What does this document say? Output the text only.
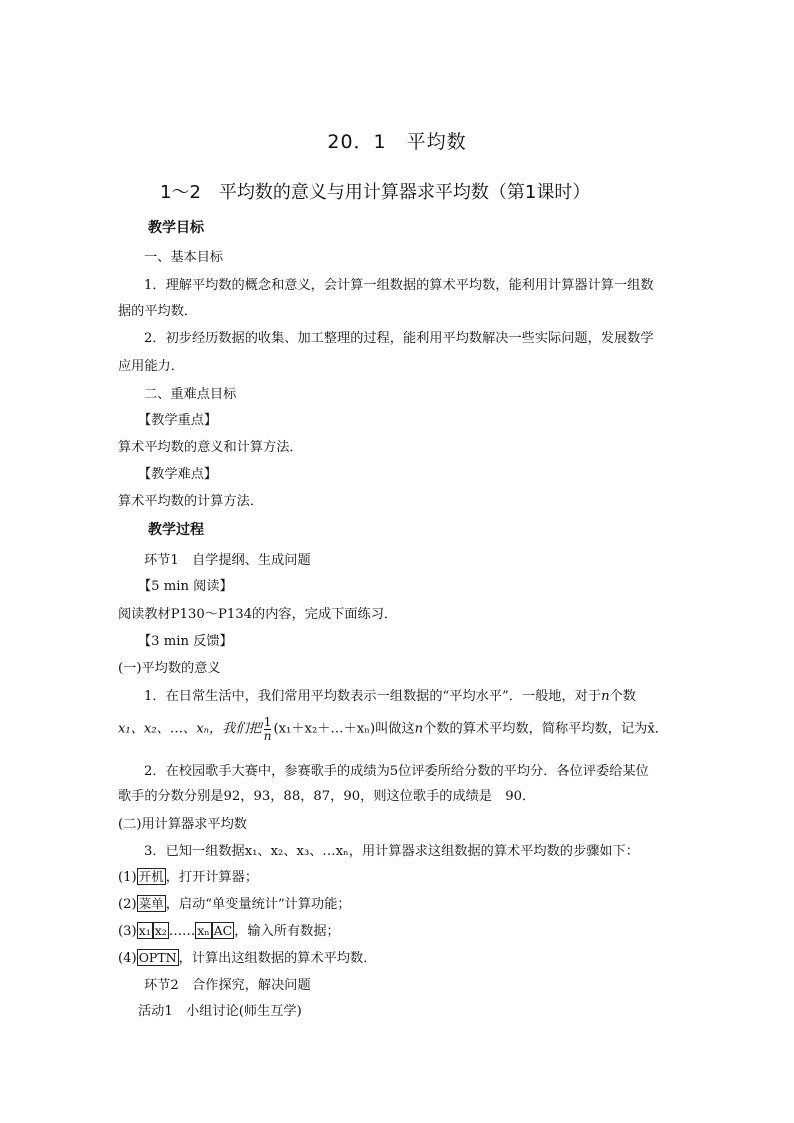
20．1　平均数
1～2　平均数的意义与用计算器求平均数（第1课时）
教学目标
一、基本目标
1．理解平均数的概念和意义，会计算一组数据的算术平均数，能利用计算器计算一组数
据的平均数．
2．初步经历数据的收集、加工整理的过程，能利用平均数解决一些实际问题，发展数学
应用能力．
二、重难点目标
【教学重点】
算术平均数的意义和计算方法．
【教学难点】
算术平均数的计算方法．
教学过程
环节1　自学提纲、生成问题
【5 min 阅读】
阅读教材P130～P134的内容，完成下面练习．
【3 min 反馈】
(一)平均数的意义
1．在日常生活中，我们常用平均数表示一组数据的“平均水平”．一般地，对于n个数
x₁、x₂、…、xₙ，我们把 $\frac{1}{n}$ (x₁＋x₂＋…＋xₙ)叫做这n个数的算术平均数，简称平均数，记为x̄．
2．在校园歌手大赛中，参赛歌手的成绩为5位评委所给分数的平均分．各位评委给某位
歌手的分数分别是92，93，88，87，90，则这位歌手的成绩是　90．
(二)用计算器求平均数
3．已知一组数据x₁、x₂、x₃、…xₙ，用计算器求这组数据的算术平均数的步骤如下：
(1) 开机 ，打开计算器；
(2) 菜单 ，启动“单变量统计”计算功能；
(3) x₁ x₂ …… xₙ AC ，输入所有数据；
(4) OPTN ，计算出这组数据的算术平均数．
环节2　合作探究，解决问题
活动1　小组讨论(师生互学)
